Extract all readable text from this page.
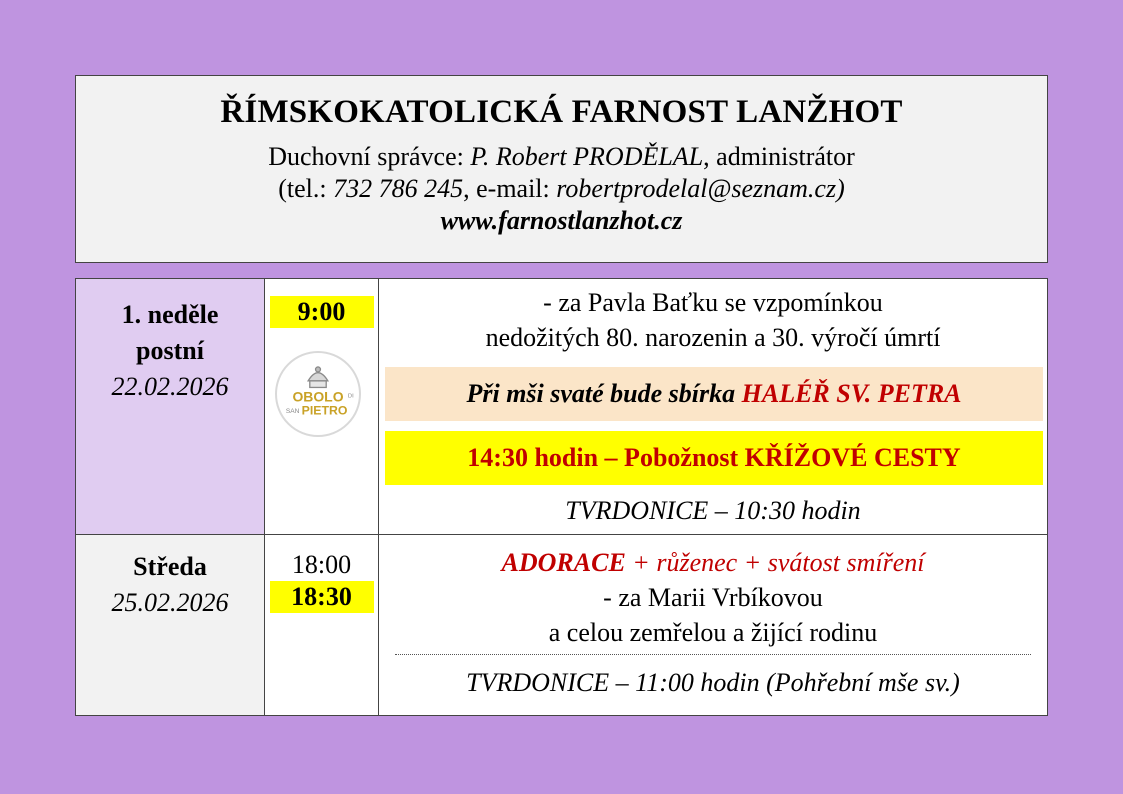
ŘÍMSKOKATOLICKÁ FARNOST LANŽHOT
Duchovní správce: P. Robert PRODĚLAL, administrátor
(tel.: 732 786 245, e-mail: robertprodelal@seznam.cz)
www.farnostlanzhot.cz
1. neděle
postní
22.02.2026
9:00
OBOLO DI
SAN PIETRO
- za Pavla Baťku se vzpomínkou
nedožitých 80. narozenin a 30. výročí úmrtí
Při mši svaté bude sbírka HALÉŘ SV. PETRA
14:30 hodin – Pobožnost KŘÍŽOVÉ CESTY
TVRDONICE – 10:30 hodin
Středa
25.02.2026
18:00
18:30
ADORACE + růženec + svátost smíření
- za Marii Vrbíkovou
a celou zemřelou a žijící rodinu
TVRDONICE – 11:00 hodin (Pohřební mše sv.)
